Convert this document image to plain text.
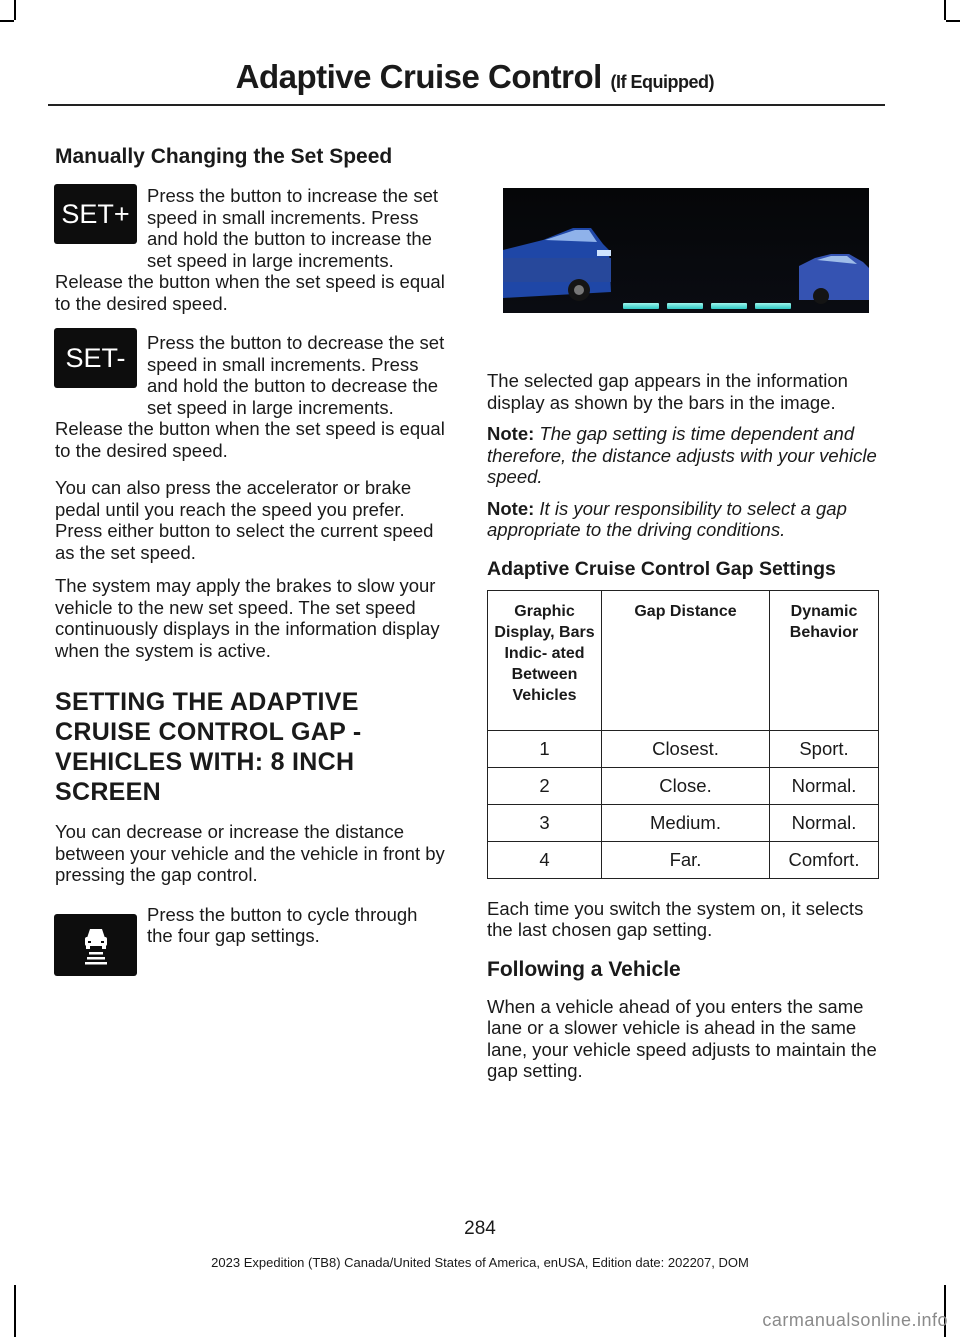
Adaptive Cruise Control (If Equipped)
Manually Changing the Set Speed

Press the button to increase the set speed in small increments. Press and hold the button to increase the set speed in large increments. Release the button when the set speed is equal to the desired speed.

Press the button to decrease the set speed in small increments. Press and hold the button to decrease the set speed in large increments. Release the button when the set speed is equal to the desired speed.

You can also press the accelerator or brake pedal until you reach the speed you prefer. Press either button to select the current speed as the set speed.

The system may apply the brakes to slow your vehicle to the new set speed. The set speed continuously displays in the information display when the system is active.

SETTING THE ADAPTIVE CRUISE CONTROL GAP - VEHICLES WITH: 8 INCH SCREEN

You can decrease or increase the distance between your vehicle and the vehicle in front by pressing the gap control.

Press the button to cycle through the four gap settings.

SET+
SET-

The selected gap appears in the information display as shown by the bars in the image.

Note: The gap setting is time dependent and therefore, the distance adjusts with your vehicle speed.

Note: It is your responsibility to select a gap appropriate to the driving conditions.

Adaptive Cruise Control Gap Settings
Graphic Display, Bars Indic- ated Between Vehicles	Gap Distance	Dynamic Behavior
1	Closest.	Sport.
2	Close.	Normal.
3	Medium.	Normal.
4	Far.	Comfort.

Each time you switch the system on, it selects the last chosen gap setting.

Following a Vehicle

When a vehicle ahead of you enters the same lane or a slower vehicle is ahead in the same lane, your vehicle speed adjusts to maintain the gap setting.

284
2023 Expedition (TB8) Canada/United States of America, enUSA, Edition date: 202207, DOM
carmanualsonline.info
